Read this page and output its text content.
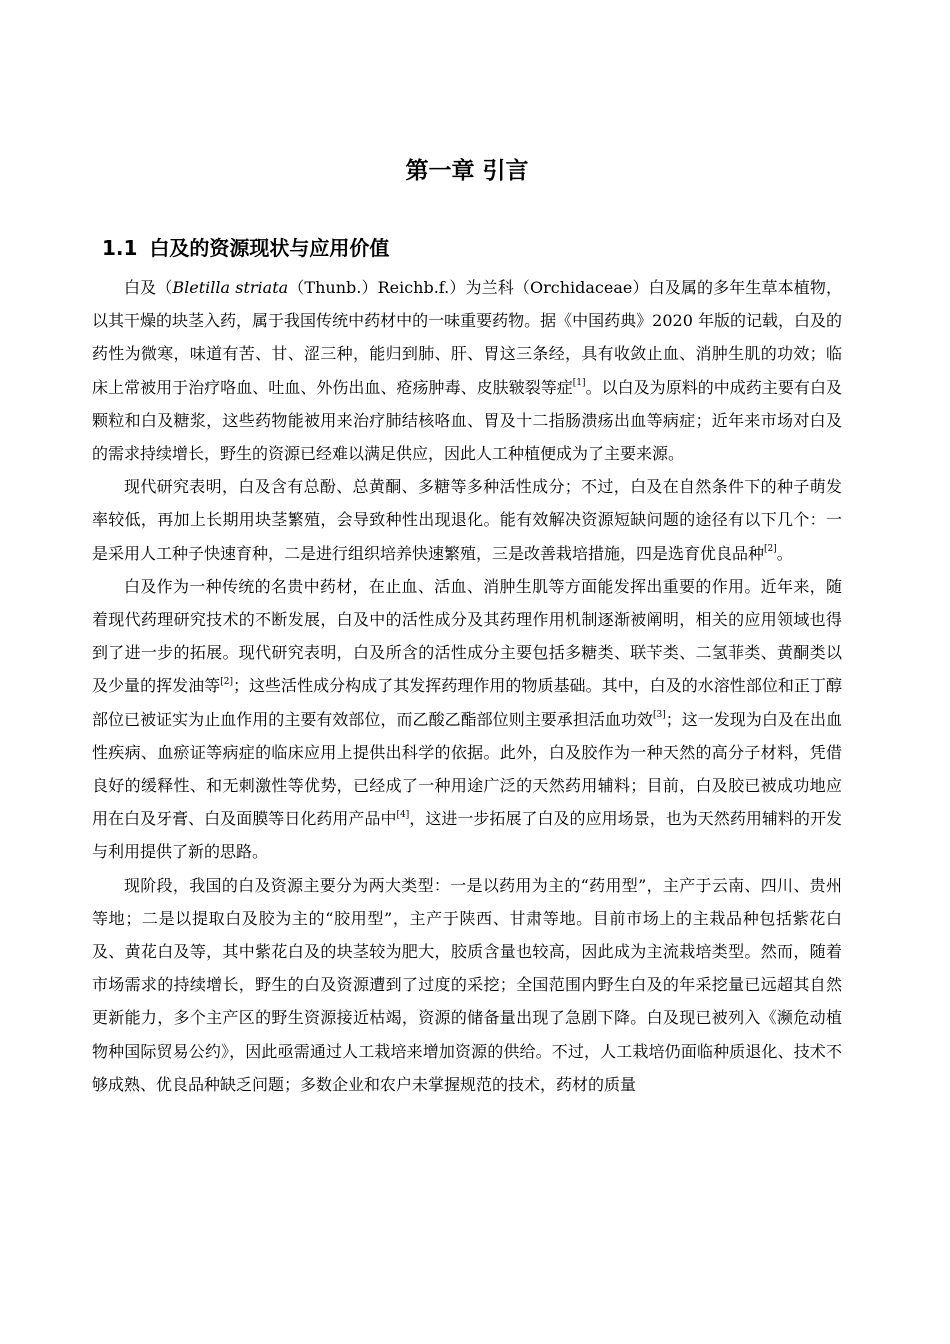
第一章 引言
1.1 白及的资源现状与应用价值

白及（Bletilla striata（Thunb.）Reichb.f.）为兰科（Orchidaceae）白及属的多年生草本植物，以其干燥的块茎入药，属于我国传统中药材中的一味重要药物。据《中国药典》2020 年版的记载，白及的药性为微寒，味道有苦、甘、涩三种，能归到肺、肝、胃这三条经，具有收敛止血、消肿生肌的功效；临床上常被用于治疗咯血、吐血、外伤出血、疮疡肿毒、皮肤皲裂等症[1]。以白及为原料的中成药主要有白及颗粒和白及糖浆，这些药物能被用来治疗肺结核咯血、胃及十二指肠溃疡出血等病症；近年来市场对白及的需求持续增长，野生的资源已经难以满足供应，因此人工种植便成为了主要来源。

现代研究表明，白及含有总酚、总黄酮、多糖等多种活性成分；不过，白及在自然条件下的种子萌发率较低，再加上长期用块茎繁殖，会导致种性出现退化。能有效解决资源短缺问题的途径有以下几个：一是采用人工种子快速育种，二是进行组织培养快速繁殖，三是改善栽培措施，四是选育优良品种[2]。

白及作为一种传统的名贵中药材，在止血、活血、消肿生肌等方面能发挥出重要的作用。近年来，随着现代药理研究技术的不断发展，白及中的活性成分及其药理作用机制逐渐被阐明，相关的应用领域也得到了进一步的拓展。现代研究表明，白及所含的活性成分主要包括多糖类、联苄类、二氢菲类、黄酮类以及少量的挥发油等[2]；这些活性成分构成了其发挥药理作用的物质基础。其中，白及的水溶性部位和正丁醇部位已被证实为止血作用的主要有效部位，而乙酸乙酯部位则主要承担活血功效[3]；这一发现为白及在出血性疾病、血瘀证等病症的临床应用上提供出科学的依据。此外，白及胶作为一种天然的高分子材料，凭借良好的缓释性、和无刺激性等优势，已经成了一种用途广泛的天然药用辅料；目前，白及胶已被成功地应用在白及牙膏、白及面膜等日化药用产品中[4]，这进一步拓展了白及的应用场景，也为天然药用辅料的开发与利用提供了新的思路。

现阶段，我国的白及资源主要分为两大类型：一是以药用为主的“药用型”，主产于云南、四川、贵州等地；二是以提取白及胶为主的“胶用型”，主产于陕西、甘肃等地。目前市场上的主栽品种包括紫花白及、黄花白及等，其中紫花白及的块茎较为肥大，胶质含量也较高，因此成为主流栽培类型。然而，随着市场需求的持续增长，野生的白及资源遭到了过度的采挖；全国范围内野生白及的年采挖量已远超其自然更新能力，多个主产区的野生资源接近枯竭，资源的储备量出现了急剧下降。白及现已被列入《濒危动植物种国际贸易公约》，因此亟需通过人工栽培来增加资源的供给。不过，人工栽培仍面临种质退化、技术不够成熟、优良品种缺乏问题；多数企业和农户未掌握规范的技术，药材的质量
